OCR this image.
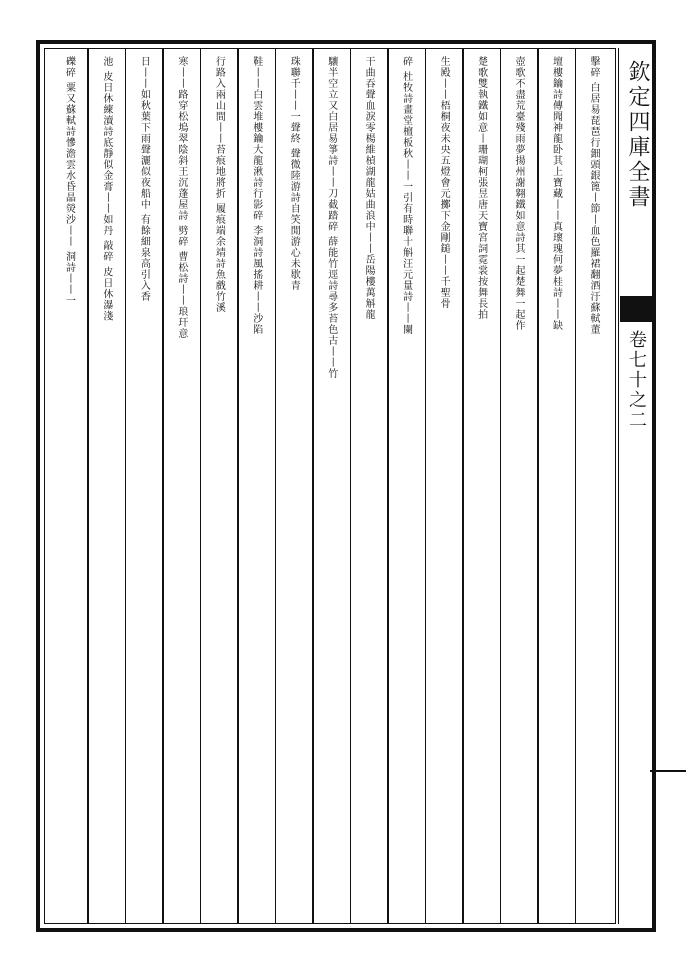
欽定四庫全書
卷七十之二
擊碎 白居易琵琶行鈿頭銀篦丨節丨血色羅裙翻酒汙蘇軾董
壇樓鑰詩傳聞神龍卧其上寶藏丨丨真瓌瑰何夢桂詩丨丨缺
壺歌不盡荒臺殘雨夢揚州謝翱鐵如意詩其一起楚舞一起作
楚歌雙執鐵如意丨珊瑚柯張昱唐天寶宮詞霓裳按舞長拍
生殿丨丨梧桐夜未央五燈會元擲下金剛鎚丨丨千聖骨
碎 杜牧詩畫堂檀板秋丨丨一引有時聯十斛汪元量詩丨丨闌
干曲吞聲血淚零楊維楨湖龍姑曲浪中丨丨岳陽樓萬斛龍
驤半空立又白居易箏詩丨丨刀截踏碎 薛能竹逕詩尋多苔色古丨丨竹
珠聯千丨丨一聲終 聲微陸游詩自笑閒游心未歇青
鞋丨丨白雲堆樓鑰大龍湫詩行影碎 李洞詩風搖耕丨丨沙陷
行路入兩山間丨丨苔痕地將折 履痕端余靖詩魚戲竹溪
寒丨丨路穿松塢翠陰斜王沉蓬屋詩 劈碎 曹松詩丨丨琅玕意
日丨丨如秋葉下雨聲灑似夜船中 有餘細泉高引入香
池 皮日休練瀆詩底靜似金膏丨丨如丹 敲碎 皮日休瀑淺
礫碎 粟又蘇軾詩慘澹雲水昏晶熒沙丨丨 洞詩丨丨一
